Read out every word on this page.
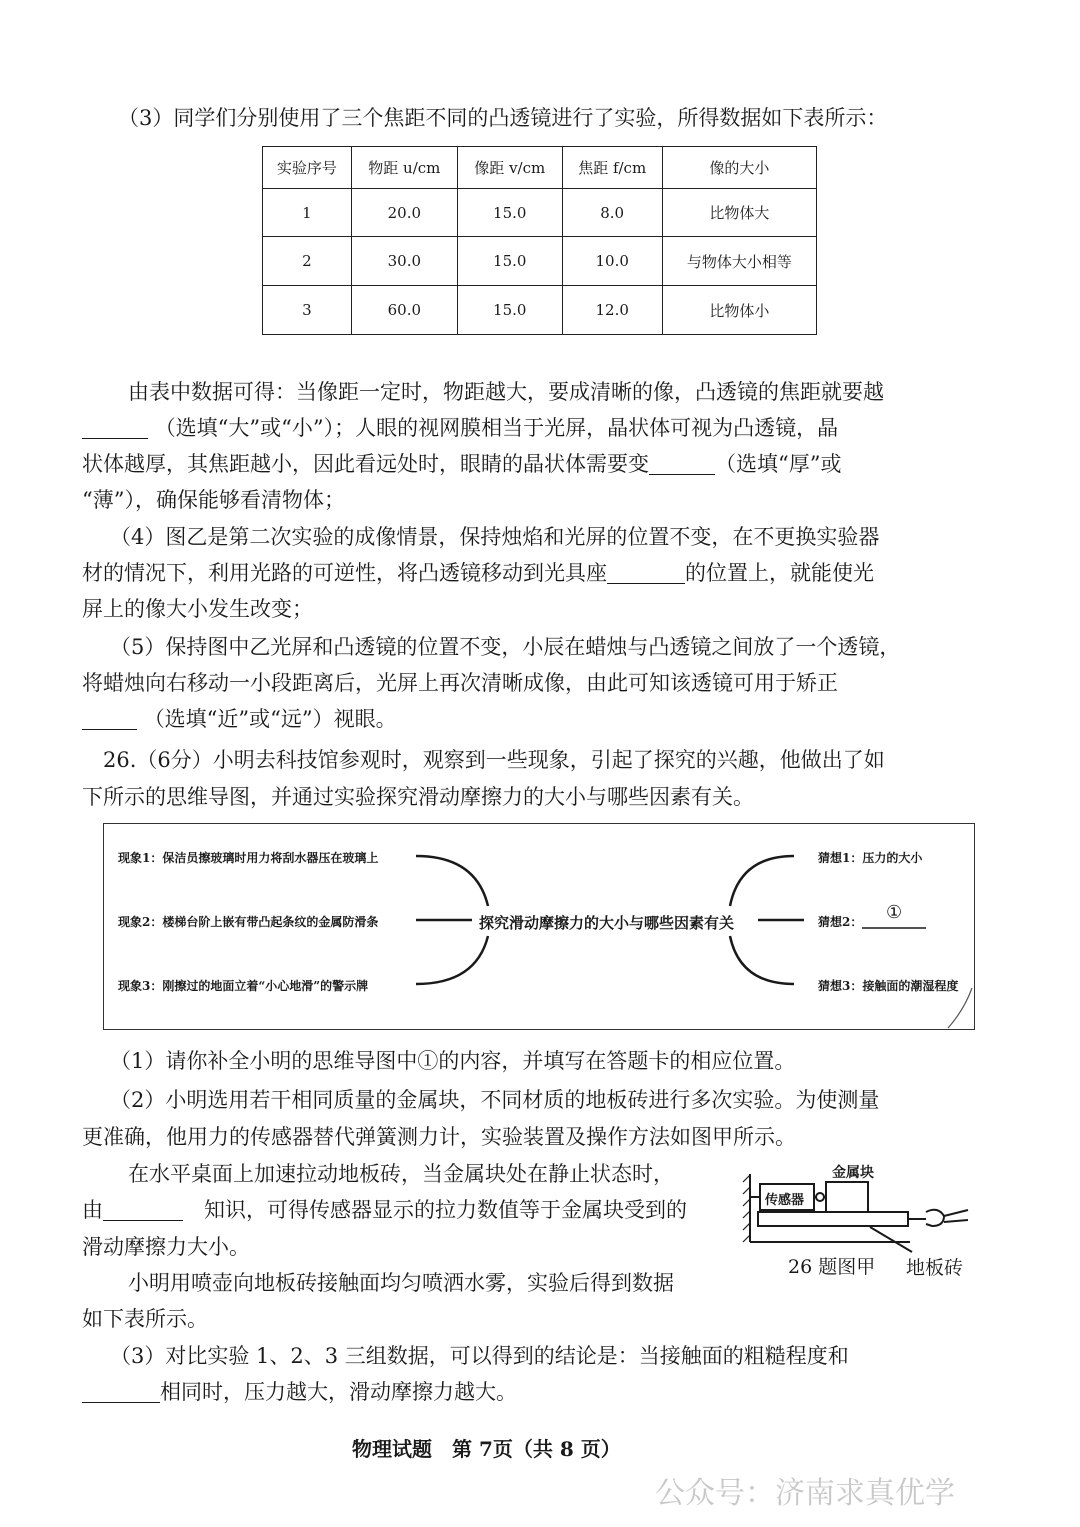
（3）同学们分别使用了三个焦距不同的凸透镜进行了实验，所得数据如下表所示：
实验序号	物距 u/cm	像距 v/cm	焦距 f/cm	像的大小
1	20.0	15.0	8.0	比物体大
2	30.0	15.0	10.0	与物体大小相等
3	60.0	15.0	12.0	比物体小
由表中数据可得：当像距一定时，物距越大，要成清晰的像，凸透镜的焦距就要越
（选填“大”或“小”）；人眼的视网膜相当于光屏，晶状体可视为凸透镜，晶
状体越厚，其焦距越小，因此看远处时，眼睛的晶状体需要变	（选填“厚”或
“薄”），确保能够看清物体；
（4）图乙是第二次实验的成像情景，保持烛焰和光屏的位置不变，在不更换实验器
材的情况下，利用光路的可逆性，将凸透镜移动到光具座	的位置上，就能使光
屏上的像大小发生改变；
（5）保持图中乙光屏和凸透镜的位置不变，小辰在蜡烛与凸透镜之间放了一个透镜，
将蜡烛向右移动一小段距离后，光屏上再次清晰成像，由此可知该透镜可用于矫正
（选填“近”或“远”）视眼。
26.（6分）小明去科技馆参观时，观察到一些现象，引起了探究的兴趣，他做出了如
下所示的思维导图，并通过实验探究滑动摩擦力的大小与哪些因素有关。
现象1：保洁员擦玻璃时用力将刮水器压在玻璃上
现象2：楼梯台阶上嵌有带凸起条纹的金属防滑条
现象3：刚擦过的地面立着“小心地滑”的警示牌
探究滑动摩擦力的大小与哪些因素有关
猜想1：压力的大小
猜想2： ①
猜想3：接触面的潮湿程度
（1）请你补全小明的思维导图中①的内容，并填写在答题卡的相应位置。
（2）小明选用若干相同质量的金属块，不同材质的地板砖进行多次实验。为使测量
更准确，他用力的传感器替代弹簧测力计，实验装置及操作方法如图甲所示。
在水平桌面上加速拉动地板砖，当金属块处在静止状态时，
由　	知识，可得传感器显示的拉力数值等于金属块受到的
滑动摩擦力大小。
小明用喷壶向地板砖接触面均匀喷洒水雾，实验后得到数据
如下表所示。
金属块
传感器
26 题图甲 地板砖
（3）对比实验 1、2、3 三组数据，可以得到的结论是：当接触面的粗糙程度和
相同时，压力越大，滑动摩擦力越大。
物理试题　第 7页（共 8 页）
公众号：济南求真优学
